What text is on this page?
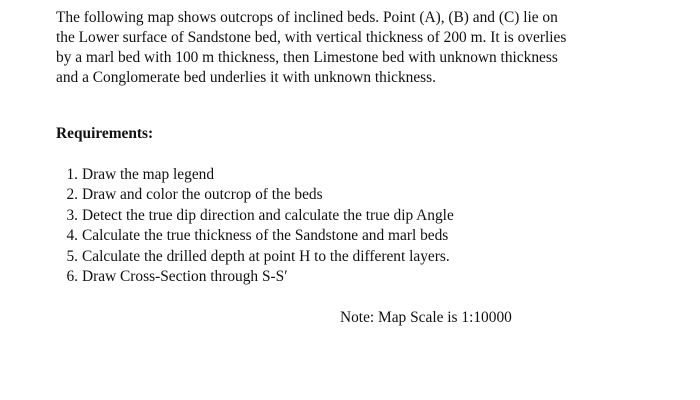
The following map shows outcrops of inclined beds. Point (A), (B) and (C) lie on
the Lower surface of Sandstone bed, with vertical thickness of 200 m. It is overlies
by a marl bed with 100 m thickness, then Limestone bed with unknown thickness
and a Conglomerate bed underlies it with unknown thickness.

Requirements:
1. Draw the map legend
2. Draw and color the outcrop of the beds
3. Detect the true dip direction and calculate the true dip Angle
4. Calculate the true thickness of the Sandstone and marl beds
5. Calculate the drilled depth at point H to the different layers.
6. Draw Cross-Section through S-S′

Note: Map Scale is 1:10000
